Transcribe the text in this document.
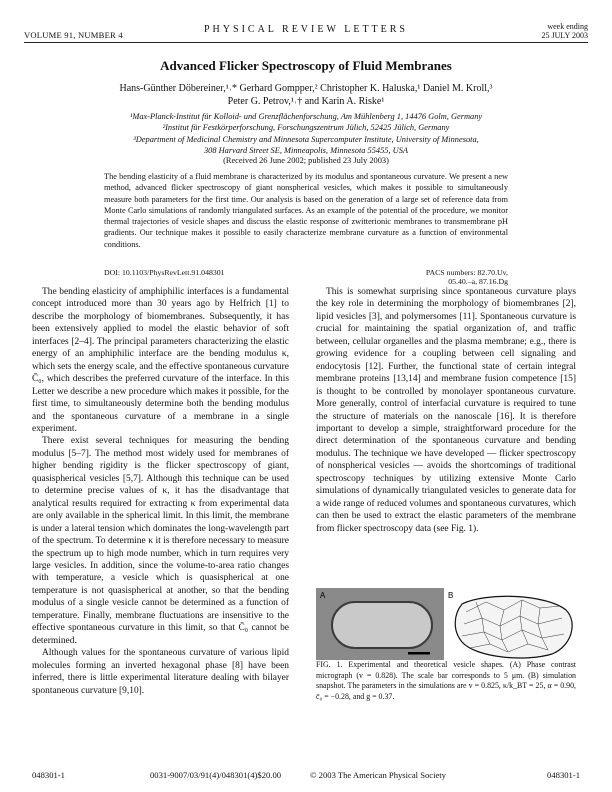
VOLUME 91, NUMBER 4	PHYSICAL REVIEW LETTERS	week ending
25 JULY 2003
Advanced Flicker Spectroscopy of Fluid Membranes
Hans-Günther Döbereiner,¹˒* Gerhard Gompper,² Christopher K. Haluska,¹ Daniel M. Kroll,³
Peter G. Petrov,¹˒† and Karin A. Riske¹
¹Max-Planck-Institut für Kolloid- und Grenzflächenforschung, Am Mühlenberg 1, 14476 Golm, Germany
²Institut für Festkörperforschung, Forschungszentrum Jülich, 52425 Jülich, Germany
³Department of Medicinal Chemistry and Minnesota Supercomputer Institute, University of Minnesota,
308 Harvard Street SE, Minneapolis, Minnesota 55455, USA
(Received 26 June 2002; published 23 July 2003)
The bending elasticity of a fluid membrane is characterized by its modulus and spontaneous curvature. We present a new method, advanced flicker spectroscopy of giant nonspherical vesicles, which makes it possible to simultaneously measure both parameters for the first time. Our analysis is based on the generation of a large set of reference data from Monte Carlo simulations of randomly triangulated surfaces. As an example of the potential of the procedure, we monitor thermal trajectories of vesicle shapes and discuss the elastic response of zwitterionic membranes to transmembrane pH gradients. Our technique makes it possible to easily characterize membrane curvature as a function of environmental conditions.
DOI: 10.1103/PhysRevLett.91.048301	PACS numbers: 82.70.Uv, 05.40.–a, 87.16.Dg

The bending elasticity of amphiphilic interfaces is a fundamental concept introduced more than 30 years ago by Helfrich [1] to describe the morphology of biomembranes. Subsequently, it has been extensively applied to model the elastic behavior of soft interfaces [2–4]. The principal parameters characterizing the elastic energy of an amphiphilic interface are the bending modulus κ, which sets the energy scale, and the effective spontaneous curvature C̄₀, which describes the preferred curvature of the interface. In this Letter we describe a new procedure which makes it possible, for the first time, to simultaneously determine both the bending modulus and the spontaneous curvature of a membrane in a single experiment.

There exist several techniques for measuring the bending modulus [5–7]. The method most widely used for membranes of higher bending rigidity is the flicker spectroscopy of giant, quasispherical vesicles [5,7]. Although this technique can be used to determine precise values of κ, it has the disadvantage that analytical results required for extracting κ from experimental data are only available in the spherical limit. In this limit, the membrane is under a lateral tension which dominates the long-wavelength part of the spectrum. To determine κ it is therefore necessary to measure the spectrum up to high mode number, which in turn requires very large vesicles. In addition, since the volume-to-area ratio changes with temperature, a vesicle which is quasispherical at one temperature is not quasispherical at another, so that the bending modulus of a single vesicle cannot be determined as a function of temperature. Finally, membrane fluctuations are insensitive to the effective spontaneous curvature in this limit, so that C̄₀ cannot be determined.

Although values for the spontaneous curvature of various lipid molecules forming an inverted hexagonal phase [8] have been inferred, there is little experimental literature dealing with bilayer spontaneous curvature [9,10].

This is somewhat surprising since spontaneous curvature plays the key role in determining the morphology of biomembranes [2], lipid vesicles [3], and polymersomes [11]. Spontaneous curvature is crucial for maintaining the spatial organization of, and traffic between, cellular organelles and the plasma membrane; e.g., there is growing evidence for a coupling between cell signaling and endocytosis [12]. Further, the functional state of certain integral membrane proteins [13,14] and membrane fusion competence [15] is thought to be controlled by monolayer spontaneous curvature. More generally, control of interfacial curvature is required to tune the structure of materials on the nanoscale [16]. It is therefore important to develop a simple, straightforward procedure for the direct determination of the spontaneous curvature and bending modulus. The technique we have developed — flicker spectroscopy of nonspherical vesicles — avoids the shortcomings of traditional spectroscopy techniques by utilizing extensive Monte Carlo simulations of dynamically triangulated vesicles to generate data for a wide range of reduced volumes and spontaneous curvatures, which can then be used to extract the elastic parameters of the membrane from flicker spectroscopy data (see Fig. 1).

A	B
FIG. 1. Experimental and theoretical vesicle shapes. (A) Phase contrast micrograph (v = 0.828). The scale bar corresponds to 5 μm. (B) simulation snapshot. The parameters in the simulations are v = 0.825, κ/k_BT = 25, α = 0.90, c̄₀ = −0.28, and g = 0.37.
048301-1	0031-9007/03/91(4)/048301(4)$20.00	© 2003 The American Physical Society	048301-1
